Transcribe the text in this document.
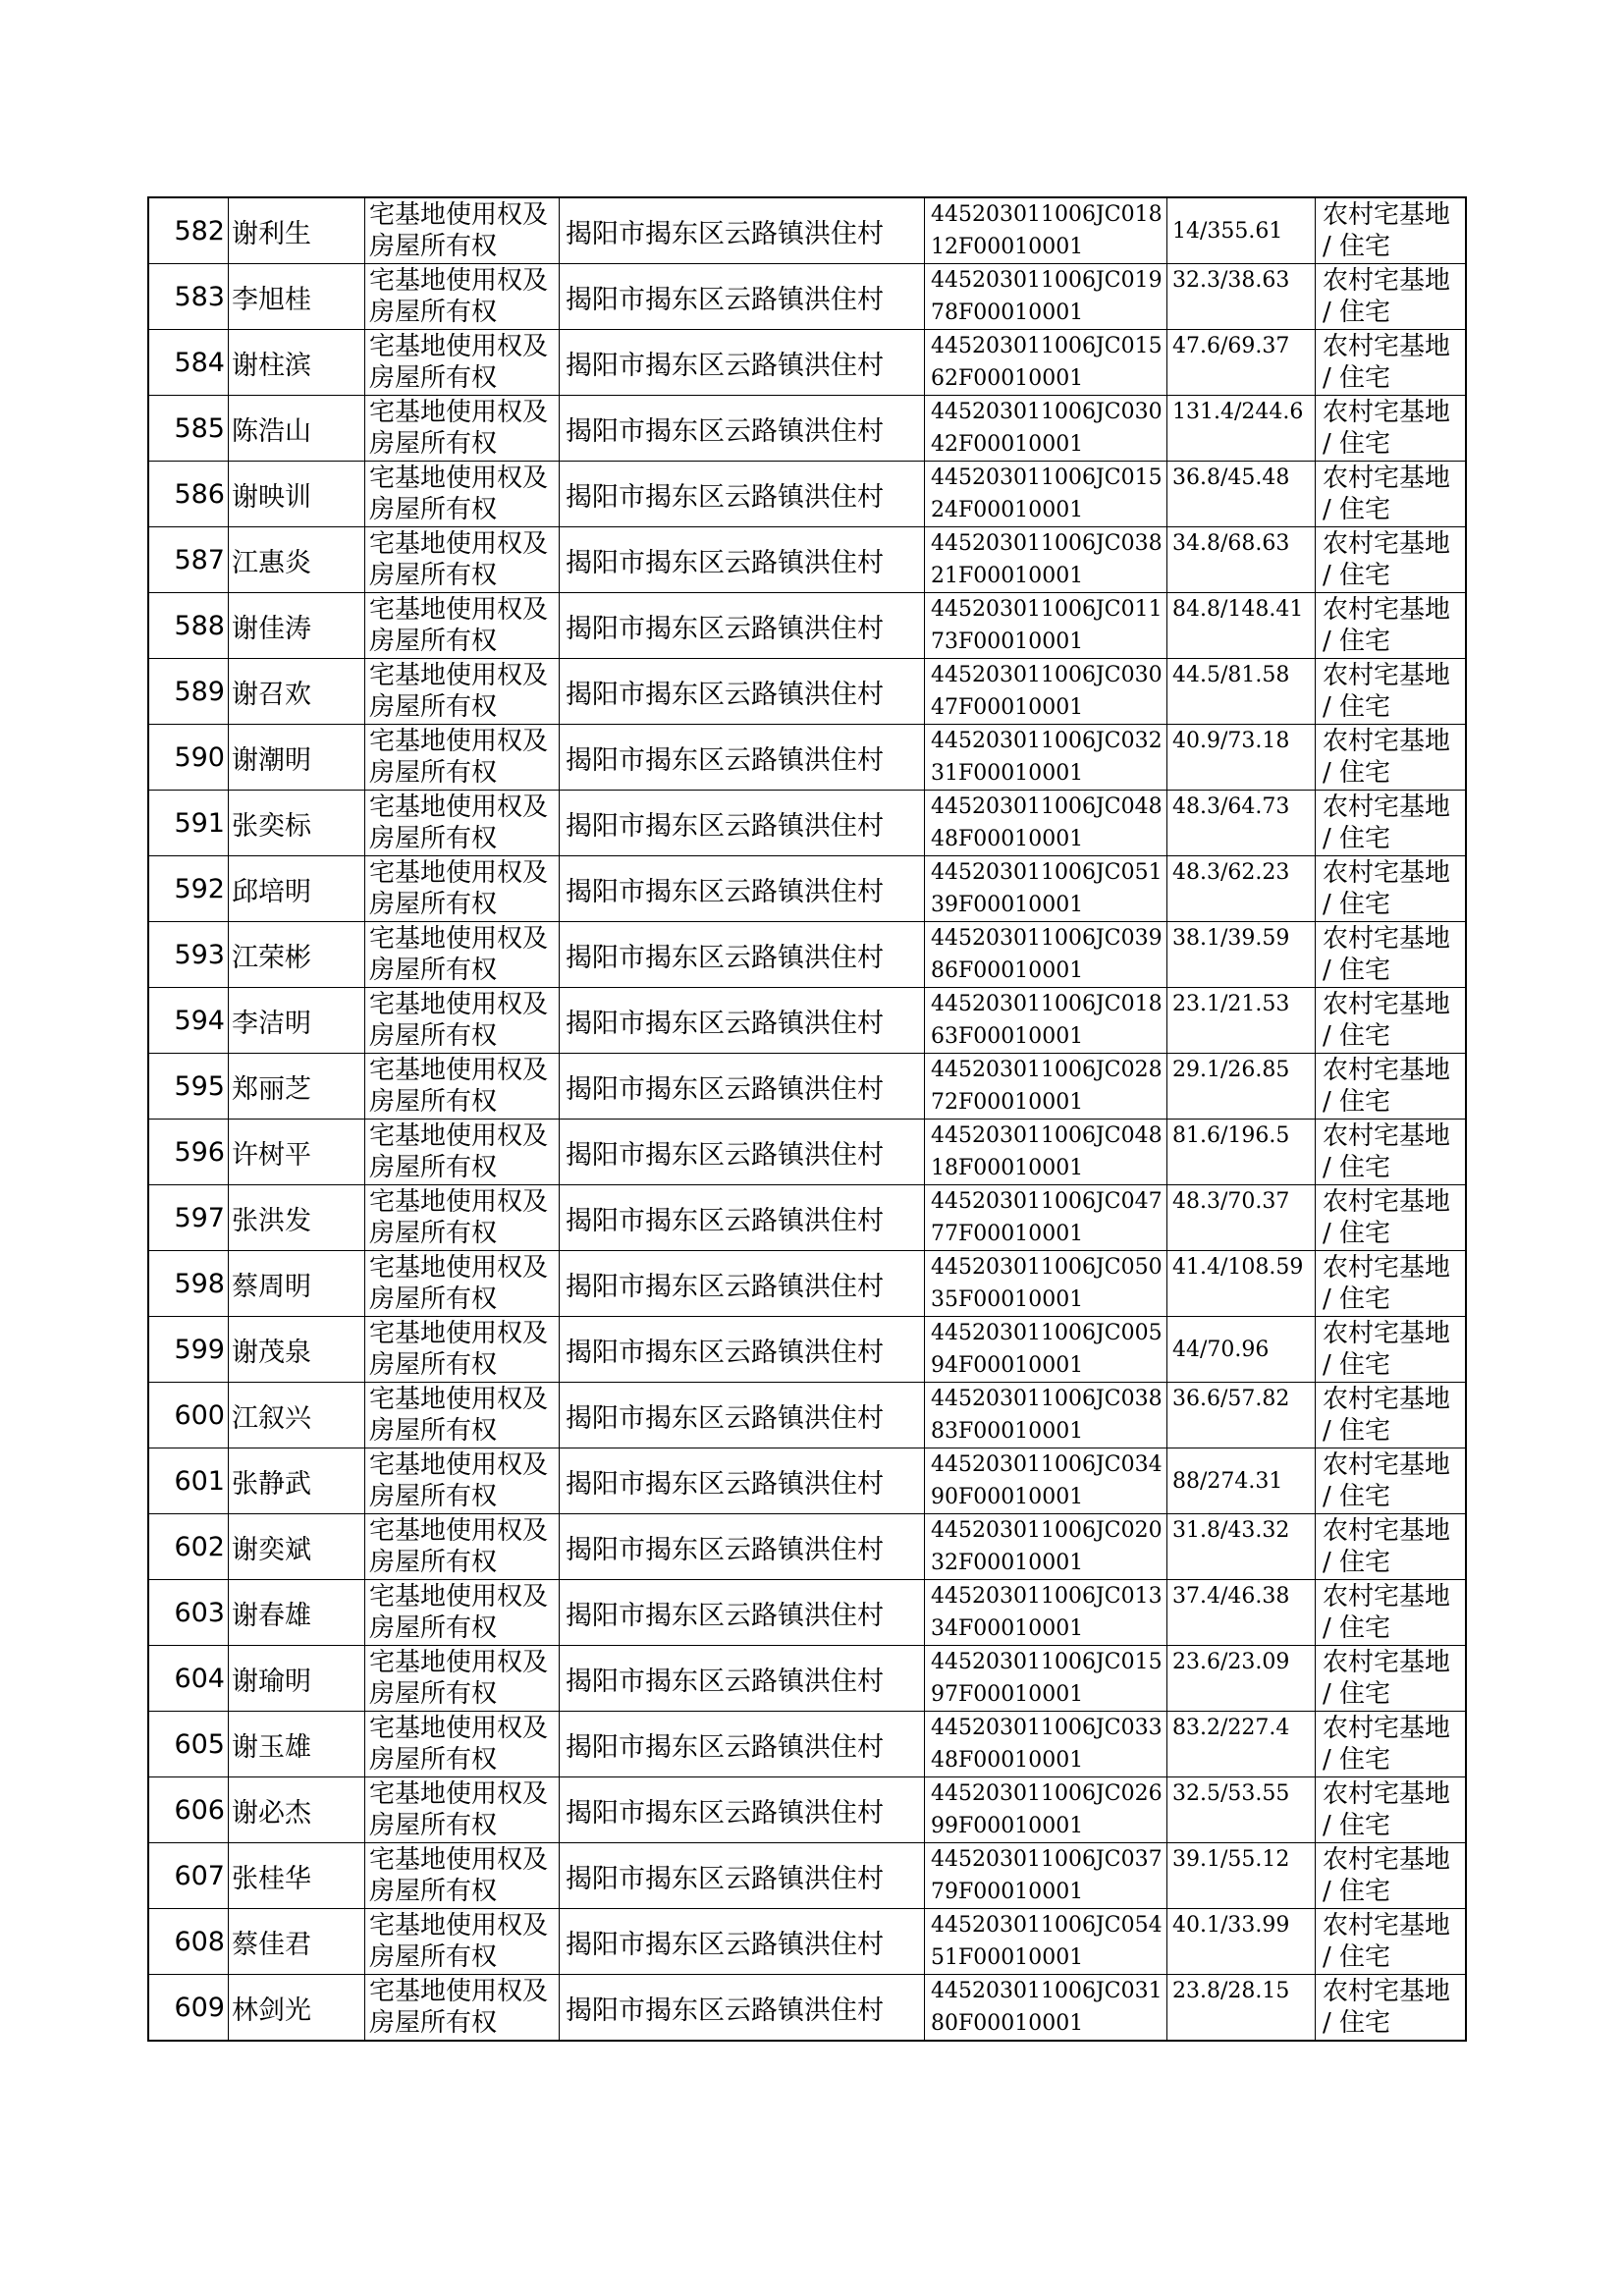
582	谢利生	宅基地使用权及房屋所有权	揭阳市揭东区云路镇洪住村	445203011006JC01812F00010001	14/355.61	农村宅基地 / 住宅
583	李旭桂	宅基地使用权及房屋所有权	揭阳市揭东区云路镇洪住村	445203011006JC01978F00010001	32.3/38.63	农村宅基地 / 住宅
584	谢柱滨	宅基地使用权及房屋所有权	揭阳市揭东区云路镇洪住村	445203011006JC01562F00010001	47.6/69.37	农村宅基地 / 住宅
585	陈浩山	宅基地使用权及房屋所有权	揭阳市揭东区云路镇洪住村	445203011006JC03042F00010001	131.4/244.6	农村宅基地 / 住宅
586	谢映训	宅基地使用权及房屋所有权	揭阳市揭东区云路镇洪住村	445203011006JC01524F00010001	36.8/45.48	农村宅基地 / 住宅
587	江惠炎	宅基地使用权及房屋所有权	揭阳市揭东区云路镇洪住村	445203011006JC03821F00010001	34.8/68.63	农村宅基地 / 住宅
588	谢佳涛	宅基地使用权及房屋所有权	揭阳市揭东区云路镇洪住村	445203011006JC01173F00010001	84.8/148.41	农村宅基地 / 住宅
589	谢召欢	宅基地使用权及房屋所有权	揭阳市揭东区云路镇洪住村	445203011006JC03047F00010001	44.5/81.58	农村宅基地 / 住宅
590	谢潮明	宅基地使用权及房屋所有权	揭阳市揭东区云路镇洪住村	445203011006JC03231F00010001	40.9/73.18	农村宅基地 / 住宅
591	张奕标	宅基地使用权及房屋所有权	揭阳市揭东区云路镇洪住村	445203011006JC04848F00010001	48.3/64.73	农村宅基地 / 住宅
592	邱培明	宅基地使用权及房屋所有权	揭阳市揭东区云路镇洪住村	445203011006JC05139F00010001	48.3/62.23	农村宅基地 / 住宅
593	江荣彬	宅基地使用权及房屋所有权	揭阳市揭东区云路镇洪住村	445203011006JC03986F00010001	38.1/39.59	农村宅基地 / 住宅
594	李洁明	宅基地使用权及房屋所有权	揭阳市揭东区云路镇洪住村	445203011006JC01863F00010001	23.1/21.53	农村宅基地 / 住宅
595	郑丽芝	宅基地使用权及房屋所有权	揭阳市揭东区云路镇洪住村	445203011006JC02872F00010001	29.1/26.85	农村宅基地 / 住宅
596	许树平	宅基地使用权及房屋所有权	揭阳市揭东区云路镇洪住村	445203011006JC04818F00010001	81.6/196.5	农村宅基地 / 住宅
597	张洪发	宅基地使用权及房屋所有权	揭阳市揭东区云路镇洪住村	445203011006JC04777F00010001	48.3/70.37	农村宅基地 / 住宅
598	蔡周明	宅基地使用权及房屋所有权	揭阳市揭东区云路镇洪住村	445203011006JC05035F00010001	41.4/108.59	农村宅基地 / 住宅
599	谢茂泉	宅基地使用权及房屋所有权	揭阳市揭东区云路镇洪住村	445203011006JC00594F00010001	44/70.96	农村宅基地 / 住宅
600	江叙兴	宅基地使用权及房屋所有权	揭阳市揭东区云路镇洪住村	445203011006JC03883F00010001	36.6/57.82	农村宅基地 / 住宅
601	张静武	宅基地使用权及房屋所有权	揭阳市揭东区云路镇洪住村	445203011006JC03490F00010001	88/274.31	农村宅基地 / 住宅
602	谢奕斌	宅基地使用权及房屋所有权	揭阳市揭东区云路镇洪住村	445203011006JC02032F00010001	31.8/43.32	农村宅基地 / 住宅
603	谢春雄	宅基地使用权及房屋所有权	揭阳市揭东区云路镇洪住村	445203011006JC01334F00010001	37.4/46.38	农村宅基地 / 住宅
604	谢瑜明	宅基地使用权及房屋所有权	揭阳市揭东区云路镇洪住村	445203011006JC01597F00010001	23.6/23.09	农村宅基地 / 住宅
605	谢玉雄	宅基地使用权及房屋所有权	揭阳市揭东区云路镇洪住村	445203011006JC03348F00010001	83.2/227.4	农村宅基地 / 住宅
606	谢必杰	宅基地使用权及房屋所有权	揭阳市揭东区云路镇洪住村	445203011006JC02699F00010001	32.5/53.55	农村宅基地 / 住宅
607	张桂华	宅基地使用权及房屋所有权	揭阳市揭东区云路镇洪住村	445203011006JC03779F00010001	39.1/55.12	农村宅基地 / 住宅
608	蔡佳君	宅基地使用权及房屋所有权	揭阳市揭东区云路镇洪住村	445203011006JC05451F00010001	40.1/33.99	农村宅基地 / 住宅
609	林剑光	宅基地使用权及房屋所有权	揭阳市揭东区云路镇洪住村	445203011006JC03180F00010001	23.8/28.15	农村宅基地 / 住宅
